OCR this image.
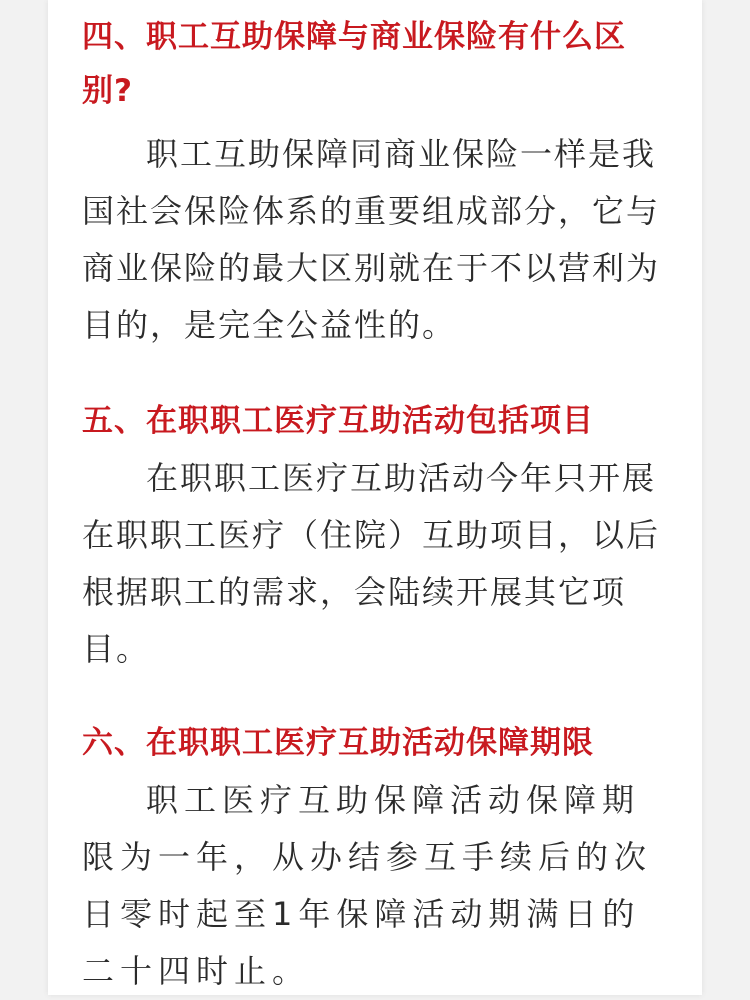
四、职工互助保障与商业保险有什么区别?

职工互助保障同商业保险一样是我国社会保险体系的重要组成部分，它与商业保险的最大区别就在于不以营利为目的，是完全公益性的。

五、在职职工医疗互助活动包括项目

在职职工医疗互助活动今年只开展在职职工医疗（住院）互助项目，以后根据职工的需求，会陆续开展其它项目。

六、在职职工医疗互助活动保障期限

职工医疗互助保障活动保障期限为一年，从办结参互手续后的次日零时起至1年保障活动期满日的二十四时止。
